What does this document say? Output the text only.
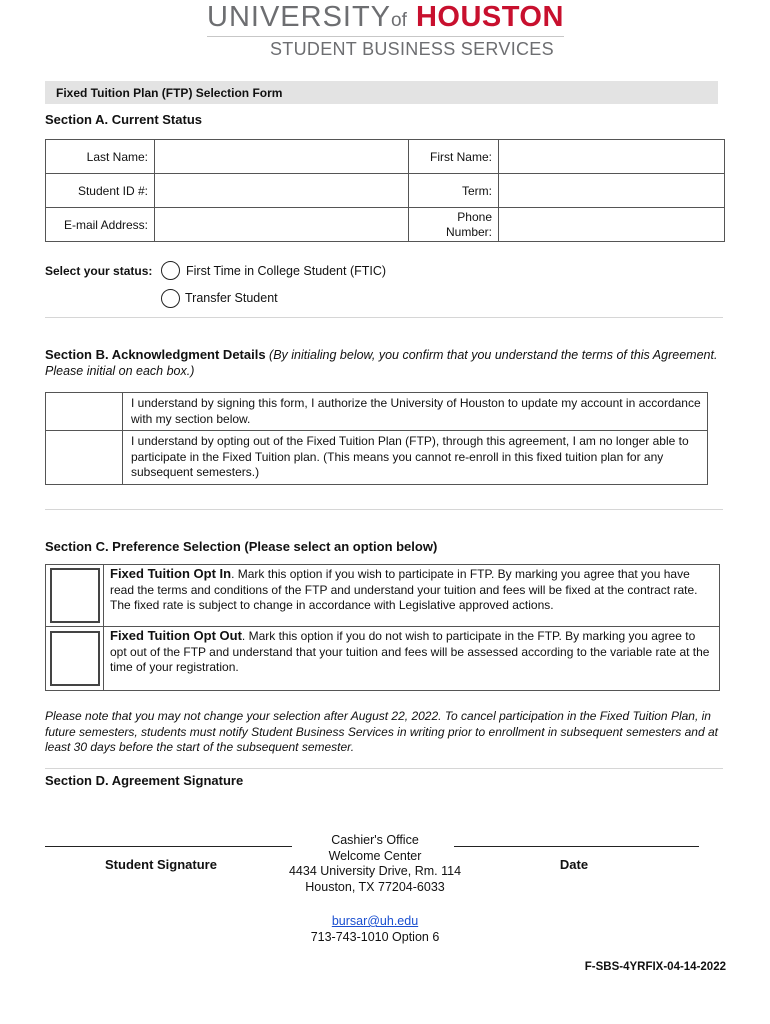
UNIVERSITYof HOUSTON
STUDENT BUSINESS SERVICES
Fixed Tuition Plan (FTP) Selection Form
Section A. Current Status
Last Name:		First Name:	
Student ID #:		Term:	
E-mail Address:		Phone Number:	

Select your status:	First Time in College Student (FTIC)
Transfer Student
Section B. Acknowledgment Details (By initialing below, you confirm that you understand the terms of this Agreement. Please initial on each box.)
	I understand by signing this form, I authorize the University of Houston to update my account in accordance with my section below.
	I understand by opting out of the Fixed Tuition Plan (FTP), through this agreement, I am no longer able to participate in the Fixed Tuition plan. (This means you cannot re-enroll in this fixed tuition plan for any subsequent semesters.)
Section C. Preference Selection (Please select an option below)
	Fixed Tuition Opt In. Mark this option if you wish to participate in FTP. By marking you agree that you have read the terms and conditions of the FTP and understand your tuition and fees will be fixed at the contract rate. The fixed rate is subject to change in accordance with Legislative approved actions.

	Fixed Tuition Opt Out. Mark this option if you do not wish to participate in the FTP. By marking you agree to opt out of the FTP and understand that your tuition and fees will be assessed according to the variable rate at the time of your registration.
Please note that you may not change your selection after August 22, 2022. To cancel participation in the Fixed Tuition Plan, in future semesters, students must notify Student Business Services in writing prior to enrollment in subsequent semesters and at least 30 days before the start of the subsequent semester.
Section D. Agreement Signature
Student Signature	Date
Cashier's Office
Welcome Center
4434 University Drive, Rm. 114
Houston, TX 77204-6033
bursar@uh.edu
713-743-1010 Option 6
F-SBS-4YRFIX-04-14-2022
